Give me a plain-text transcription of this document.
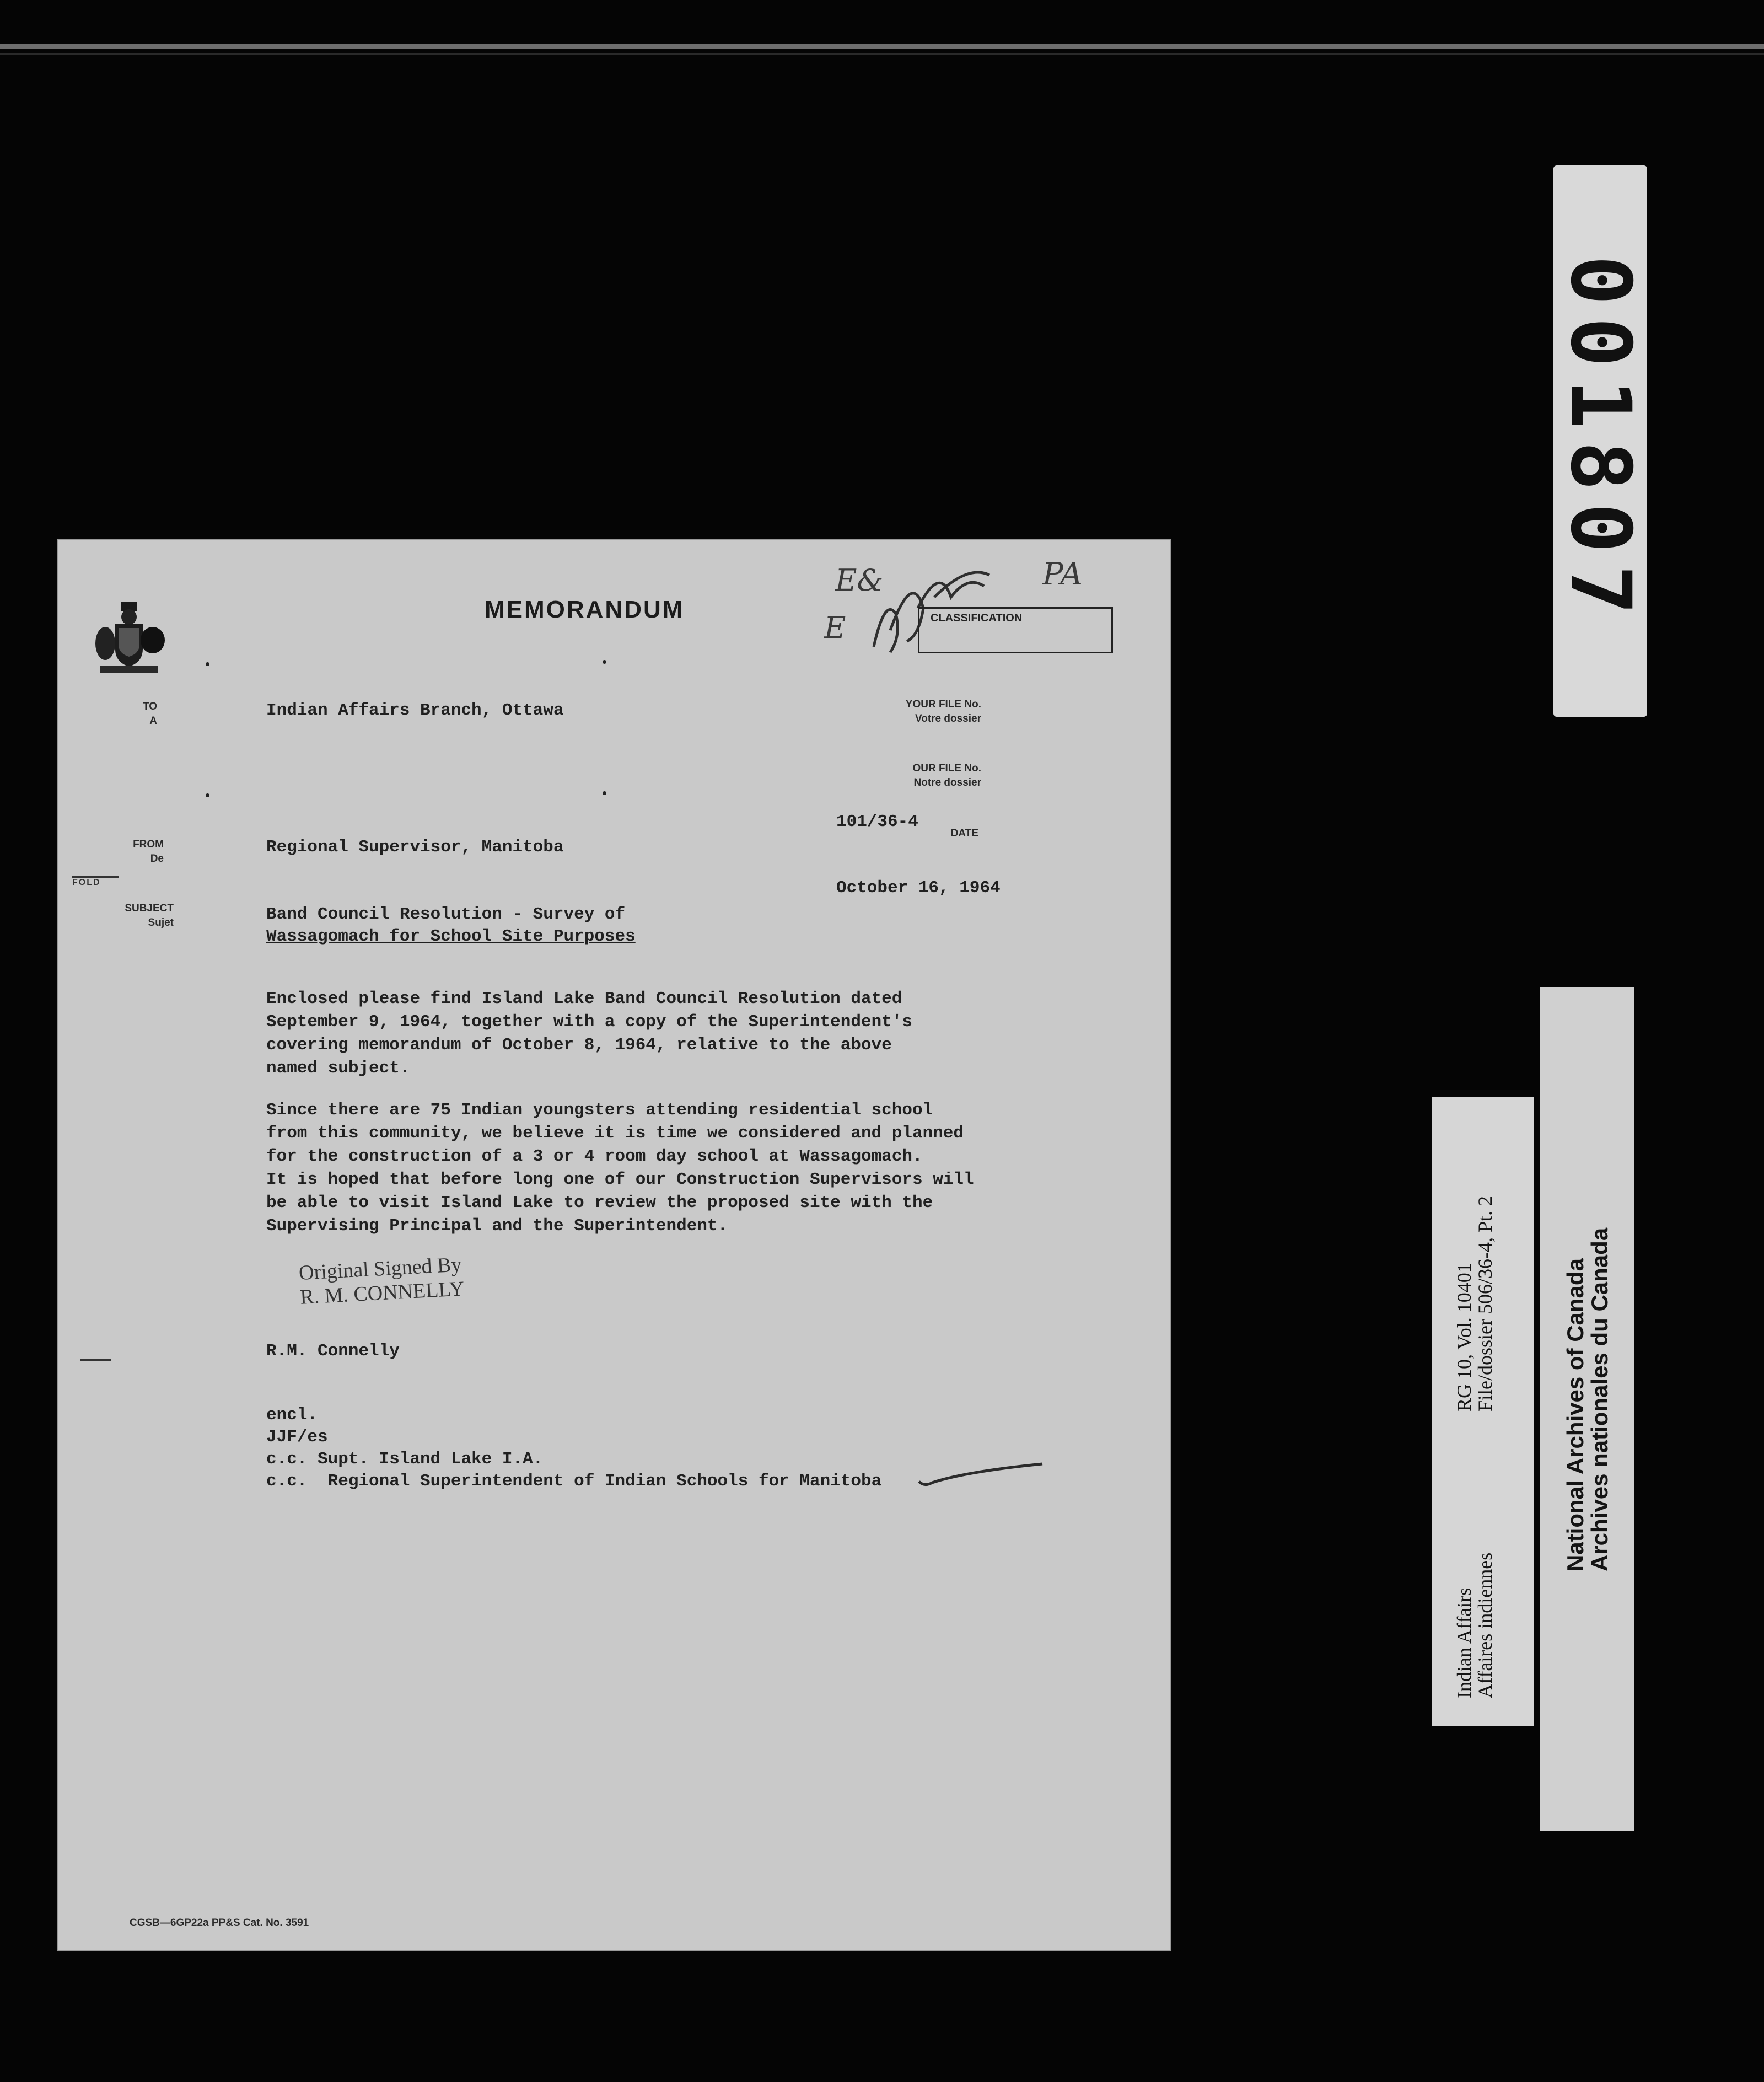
001807
Indian Affairs
Affaires indiennes
RG 10, Vol. 10401
File/dossier 506/36-4, Pt. 2	National Archives of Canada
Archives nationales du Canada
MEMORANDUM
E&
E
PA
CLASSIFICATION
TO
A
FROM
De
FOLD
SUBJECT
Sujet
YOUR FILE No.
Votre dossier
OUR FILE No.
Notre dossier
101/36-4
DATE
October 16, 1964
Indian Affairs Branch, Ottawa
Regional Supervisor, Manitoba
Band Council Resolution - Survey of
Wassagomach for School Site Purposes
Enclosed please find Island Lake Band Council Resolution dated
September 9, 1964, together with a copy of the Superintendent's
covering memorandum of October 8, 1964, relative to the above
named subject.
Since there are 75 Indian youngsters attending residential school
from this community, we believe it is time we considered and planned
for the construction of a 3 or 4 room day school at Wassagomach.
It is hoped that before long one of our Construction Supervisors will
be able to visit Island Lake to review the proposed site with the
Supervising Principal and the Superintendent.
Original Signed By
R. M. CONNELLY
R.M. Connelly
encl.
JJF/es
c.c. Supt. Island Lake I.A.
c.c.  Regional Superintendent of Indian Schools for Manitoba
CGSB—6GP22a PP&S Cat. No. 3591
